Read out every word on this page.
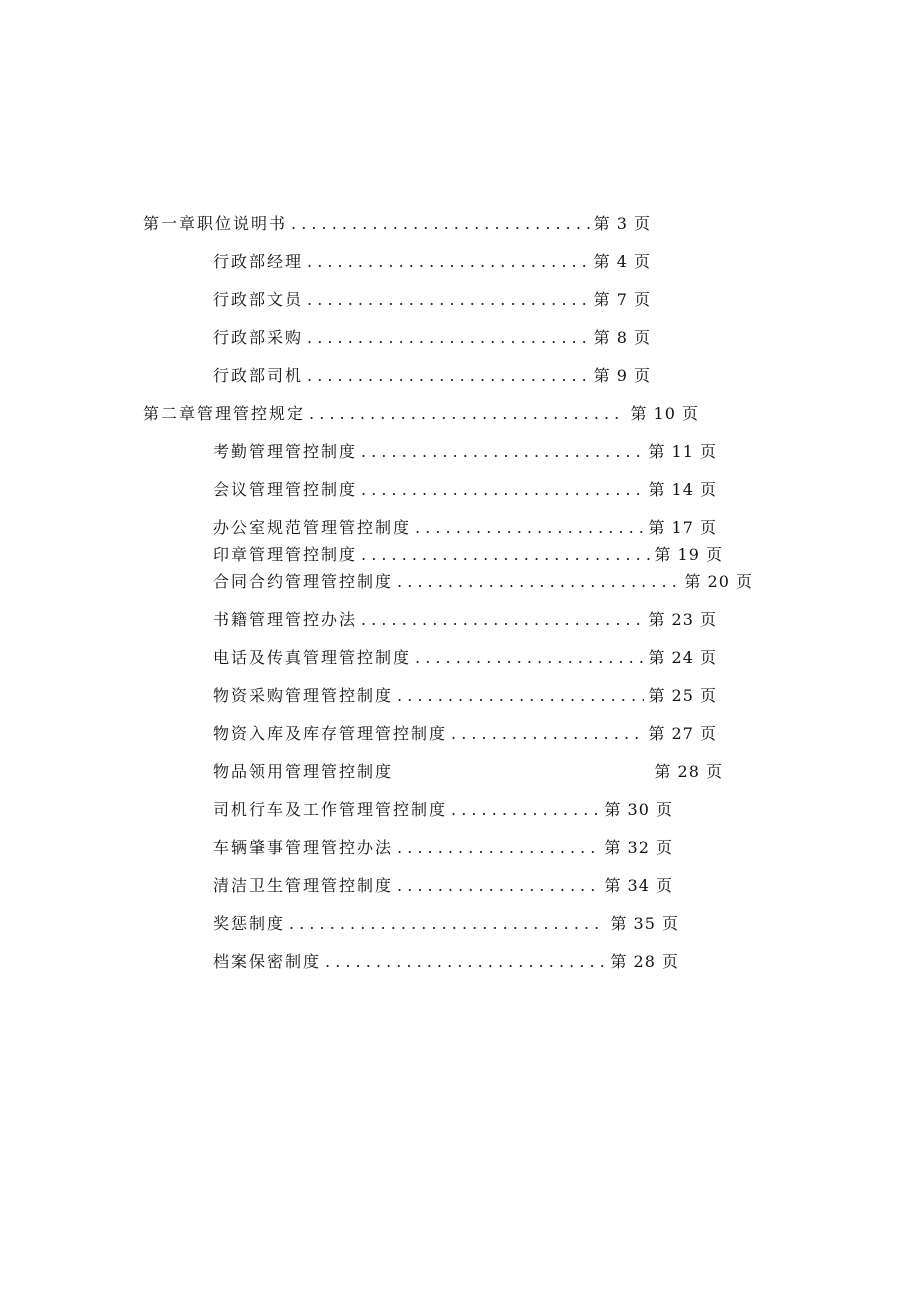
第一章职位说明书 . . .	第 3 页
行政部经理 . . .	第 4 页
行政部文员 . . .	第 7 页
行政部采购 . . .	第 8 页
行政部司机 . . .	第 9 页
第二章管理管控规定 . . .	第 10 页
考勤管理管控制度 . . .	第 11 页
会议管理管控制度 . . .	第 14 页
办公室规范管理管控制度 . . .	第 17 页
印章管理管控制度 . . .	第 19 页
合同合约管理管控制度 . . .	第 20 页
书籍管理管控办法 . . .	第 23 页
电话及传真管理管控制度 . . .	第 24 页
物资采购管理管控制度 . . .	第 25 页
物资入库及库存管理管控制度 . . .	第 27 页
物品领用管理管控制度	第 28 页
司机行车及工作管理管控制度 . . .	第 30 页
车辆肇事管理管控办法 . . .	第 32 页
清洁卫生管理管控制度 . . .	第 34 页
奖惩制度 . . .	第 35 页
档案保密制度 . . .	第 28 页
